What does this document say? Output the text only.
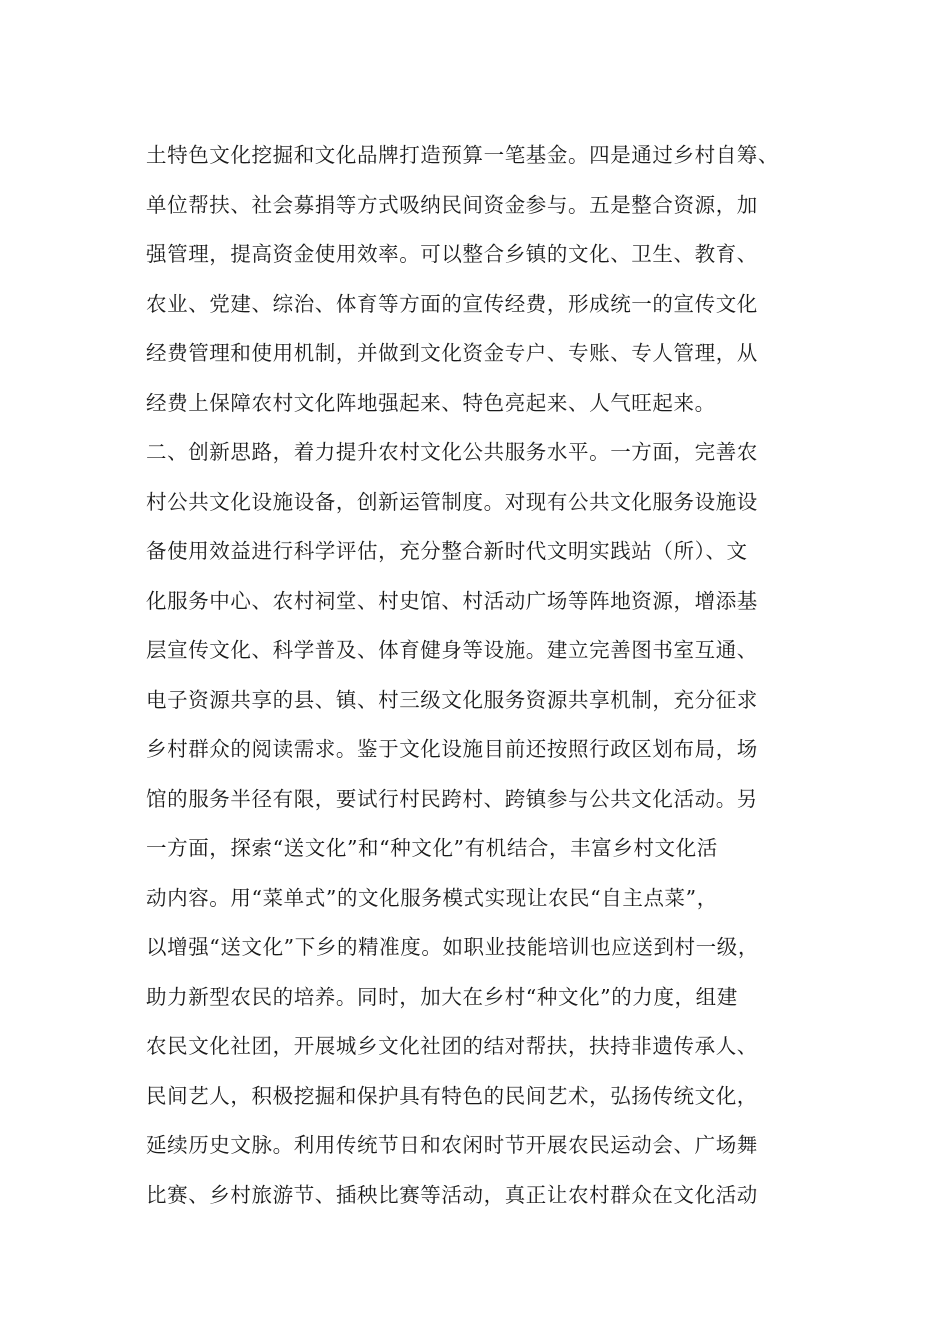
土特色文化挖掘和文化品牌打造预算一笔基金。四是通过乡村自筹、
单位帮扶、社会募捐等方式吸纳民间资金参与。五是整合资源，加
强管理，提高资金使用效率。可以整合乡镇的文化、卫生、教育、
农业、党建、综治、体育等方面的宣传经费，形成统一的宣传文化
经费管理和使用机制，并做到文化资金专户、专账、专人管理，从
经费上保障农村文化阵地强起来、特色亮起来、人气旺起来。
二、创新思路，着力提升农村文化公共服务水平。一方面，完善农
村公共文化设施设备，创新运管制度。对现有公共文化服务设施设
备使用效益进行科学评估，充分整合新时代文明实践站（所）、文
化服务中心、农村祠堂、村史馆、村活动广场等阵地资源，增添基
层宣传文化、科学普及、体育健身等设施。建立完善图书室互通、
电子资源共享的县、镇、村三级文化服务资源共享机制，充分征求
乡村群众的阅读需求。鉴于文化设施目前还按照行政区划布局，场
馆的服务半径有限，要试行村民跨村、跨镇参与公共文化活动。另
一方面，探索“送文化”和“种文化”有机结合，丰富乡村文化活
动内容。用“菜单式”的文化服务模式实现让农民“自主点菜”，
以增强“送文化”下乡的精准度。如职业技能培训也应送到村一级，
助力新型农民的培养。同时，加大在乡村“种文化”的力度，组建
农民文化社团，开展城乡文化社团的结对帮扶，扶持非遗传承人、
民间艺人，积极挖掘和保护具有特色的民间艺术，弘扬传统文化，
延续历史文脉。利用传统节日和农闲时节开展农民运动会、广场舞
比赛、乡村旅游节、插秧比赛等活动，真正让农村群众在文化活动
